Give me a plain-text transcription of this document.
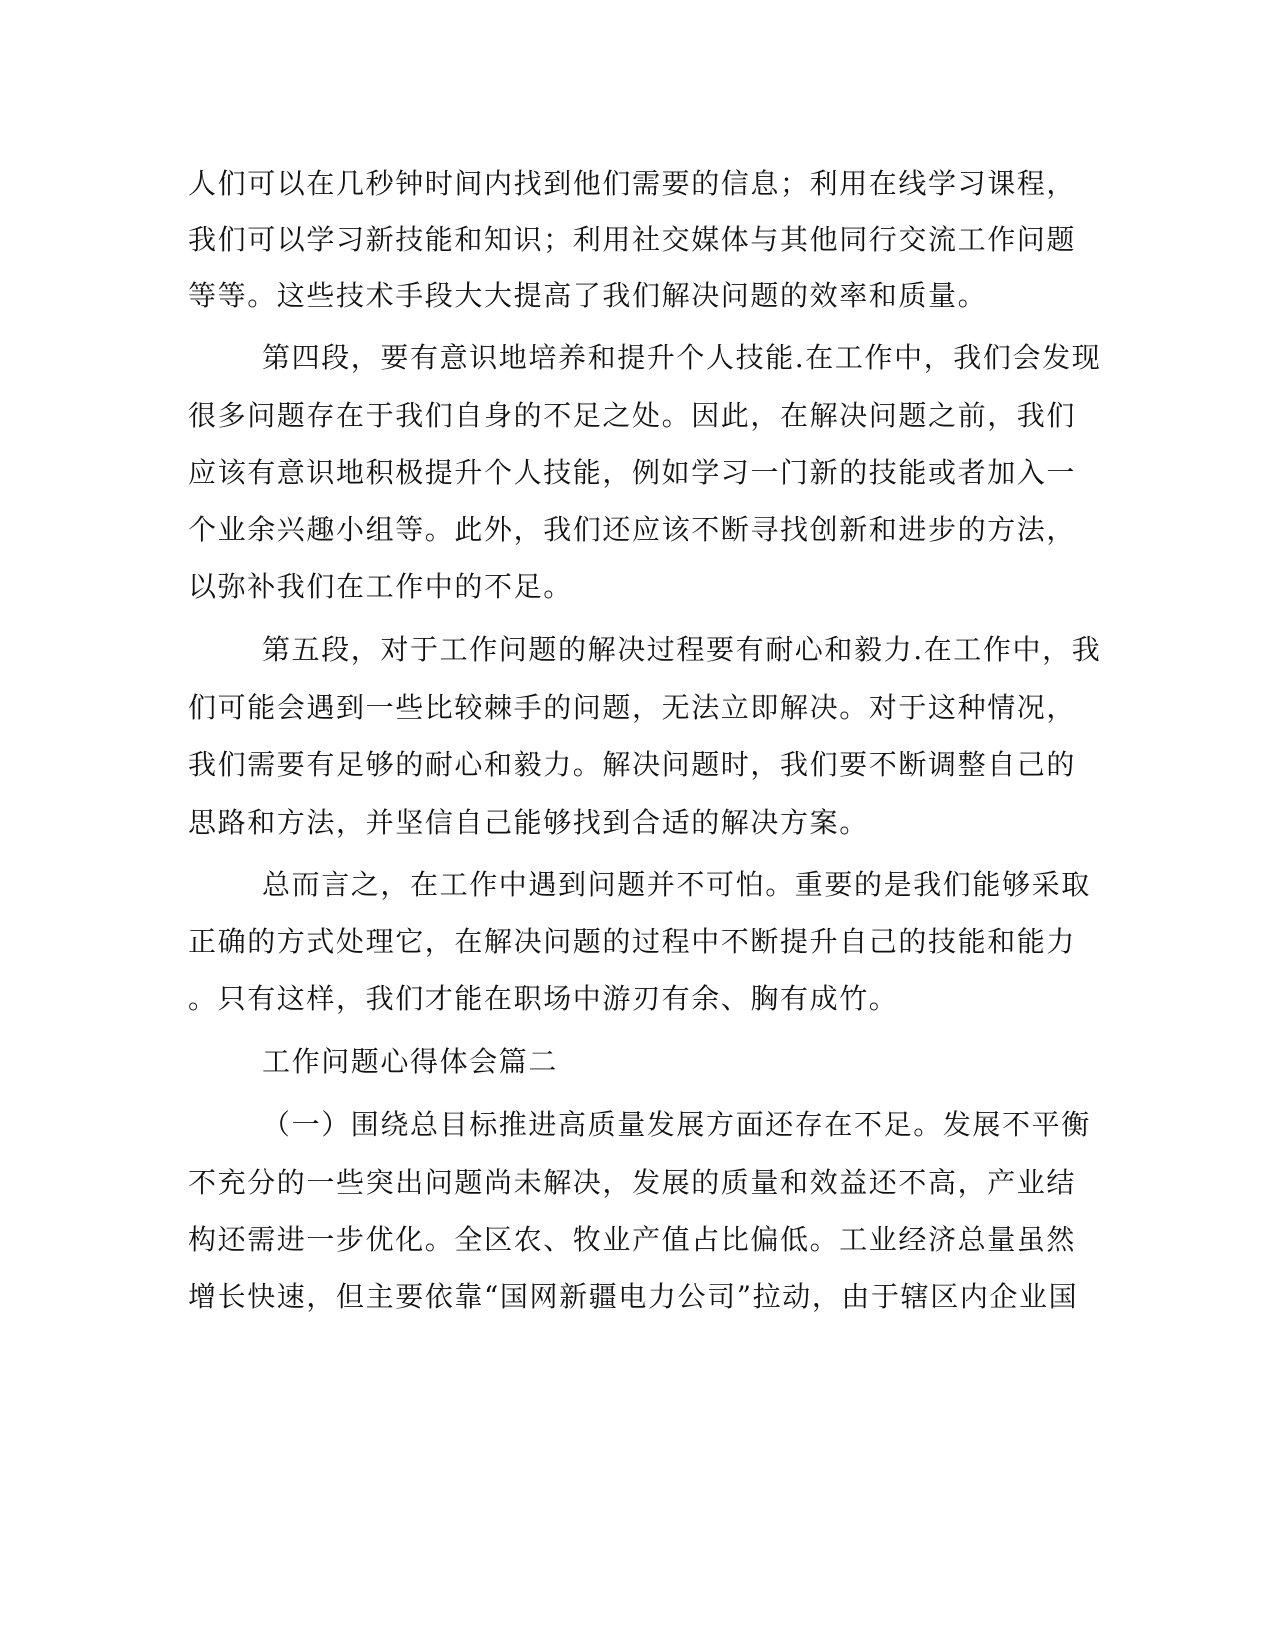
人们可以在几秒钟时间内找到他们需要的信息；利用在线学习课程，
我们可以学习新技能和知识；利用社交媒体与其他同行交流工作问题
等等。这些技术手段大大提高了我们解决问题的效率和质量。
第四段，要有意识地培养和提升个人技能.在工作中，我们会发现
很多问题存在于我们自身的不足之处。因此，在解决问题之前，我们
应该有意识地积极提升个人技能，例如学习一门新的技能或者加入一
个业余兴趣小组等。此外，我们还应该不断寻找创新和进步的方法，
以弥补我们在工作中的不足。
第五段，对于工作问题的解决过程要有耐心和毅力.在工作中，我
们可能会遇到一些比较棘手的问题，无法立即解决。对于这种情况，
我们需要有足够的耐心和毅力。解决问题时，我们要不断调整自己的
思路和方法，并坚信自己能够找到合适的解决方案。
总而言之，在工作中遇到问题并不可怕。重要的是我们能够采取
正确的方式处理它，在解决问题的过程中不断提升自己的技能和能力
。只有这样，我们才能在职场中游刃有余、胸有成竹。
工作问题心得体会篇二
（一）围绕总目标推进高质量发展方面还存在不足。发展不平衡
不充分的一些突出问题尚未解决，发展的质量和效益还不高，产业结
构还需进一步优化。全区农、牧业产值占比偏低。工业经济总量虽然
增长快速，但主要依靠“国网新疆电力公司”拉动，由于辖区内企业国
